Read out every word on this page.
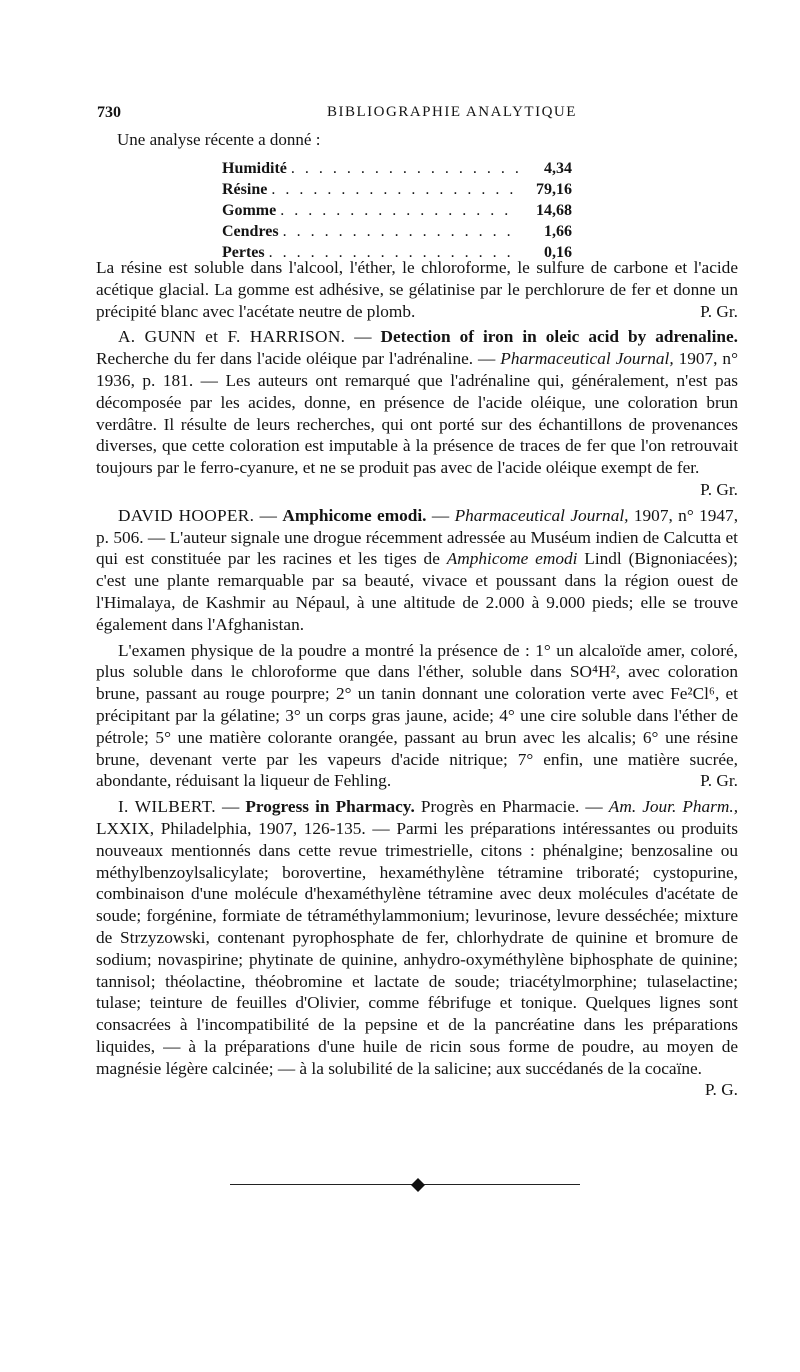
730	BIBLIOGRAPHIE ANALYTIQUE
Une analyse récente a donné :
Humidité . . .	4,34
Résine . . .	79,16
Gomme . . .	14,68
Cendres . . .	1,66
Pertes . . .	0,16

La résine est soluble dans l'alcool, l'éther, le chloroforme, le sulfure de carbone et l'acide acétique glacial. La gomme est adhésive, se gélatinise par le perchlorure de fer et donne un précipité blanc avec l'acétate neutre de plomb.	P. Gr.

A. GUNN et F. HARRISON. — Detection of iron in oleic acid by adrenaline. Recherche du fer dans l'acide oléique par l'adrénaline. — Pharmaceutical Journal, 1907, n° 1936, p. 181. — Les auteurs ont remarqué que l'adrénaline qui, généralement, n'est pas décomposée par les acides, donne, en présence de l'acide oléique, une coloration brun verdâtre. Il résulte de leurs recherches, qui ont porté sur des échantillons de provenances diverses, que cette coloration est imputable à la présence de traces de fer que l'on retrouvait toujours par le ferro-cyanure, et ne se produit pas avec de l'acide oléique exempt de fer.
P. Gr.

DAVID HOOPER. — Amphicome emodi. — Pharmaceutical Journal, 1907, n° 1947, p. 506. — L'auteur signale une drogue récemment adressée au Muséum indien de Calcutta et qui est constituée par les racines et les tiges de Amphicome emodi Lindl (Bignoniacées); c'est une plante remarquable par sa beauté, vivace et poussant dans la région ouest de l'Himalaya, de Kashmir au Népaul, à une altitude de 2.000 à 9.000 pieds; elle se trouve également dans l'Afghanistan.

L'examen physique de la poudre a montré la présence de : 1° un alcaloïde amer, coloré, plus soluble dans le chloroforme que dans l'éther, soluble dans SO⁴H², avec coloration brune, passant au rouge pourpre; 2° un tanin donnant une coloration verte avec Fe²Cl⁶, et précipitant par la gélatine; 3° un corps gras jaune, acide; 4° une cire soluble dans l'éther de pétrole; 5° une matière colorante orangée, passant au brun avec les alcalis; 6° une résine brune, devenant verte par les vapeurs d'acide nitrique; 7° enfin, une matière sucrée, abondante, réduisant la liqueur de Fehling.	P. Gr.

I. WILBERT. — Progress in Pharmacy. Progrès en Pharmacie. — Am. Jour. Pharm., LXXIX, Philadelphia, 1907, 126-135. — Parmi les préparations intéressantes ou produits nouveaux mentionnés dans cette revue trimestrielle, citons : phénalgine; benzosaline ou méthylbenzoylsalicylate; borovertine, hexaméthylène tétramine triboraté; cystopurine, combinaison d'une molécule d'hexaméthylène tétramine avec deux molécules d'acétate de soude; forgénine, formiate de tétraméthylammonium; levurinose, levure desséchée; mixture de Strzyzowski, contenant pyrophosphate de fer, chlorhydrate de quinine et bromure de sodium; novaspirine; phytinate de quinine, anhydro-oxyméthylène biphosphate de quinine; tannisol; théolactine, théobromine et lactate de soude; triacétylmorphine; tulaselactine; tulase; teinture de feuilles d'Olivier, comme fébrifuge et tonique. Quelques lignes sont consacrées à l'incompatibilité de la pepsine et de la pancréatine dans les préparations liquides, — à la préparations d'une huile de ricin sous forme de poudre, au moyen de magnésie légère calcinée; — à la solubilité de la salicine; aux succédanés de la cocaïne.
P. G.
